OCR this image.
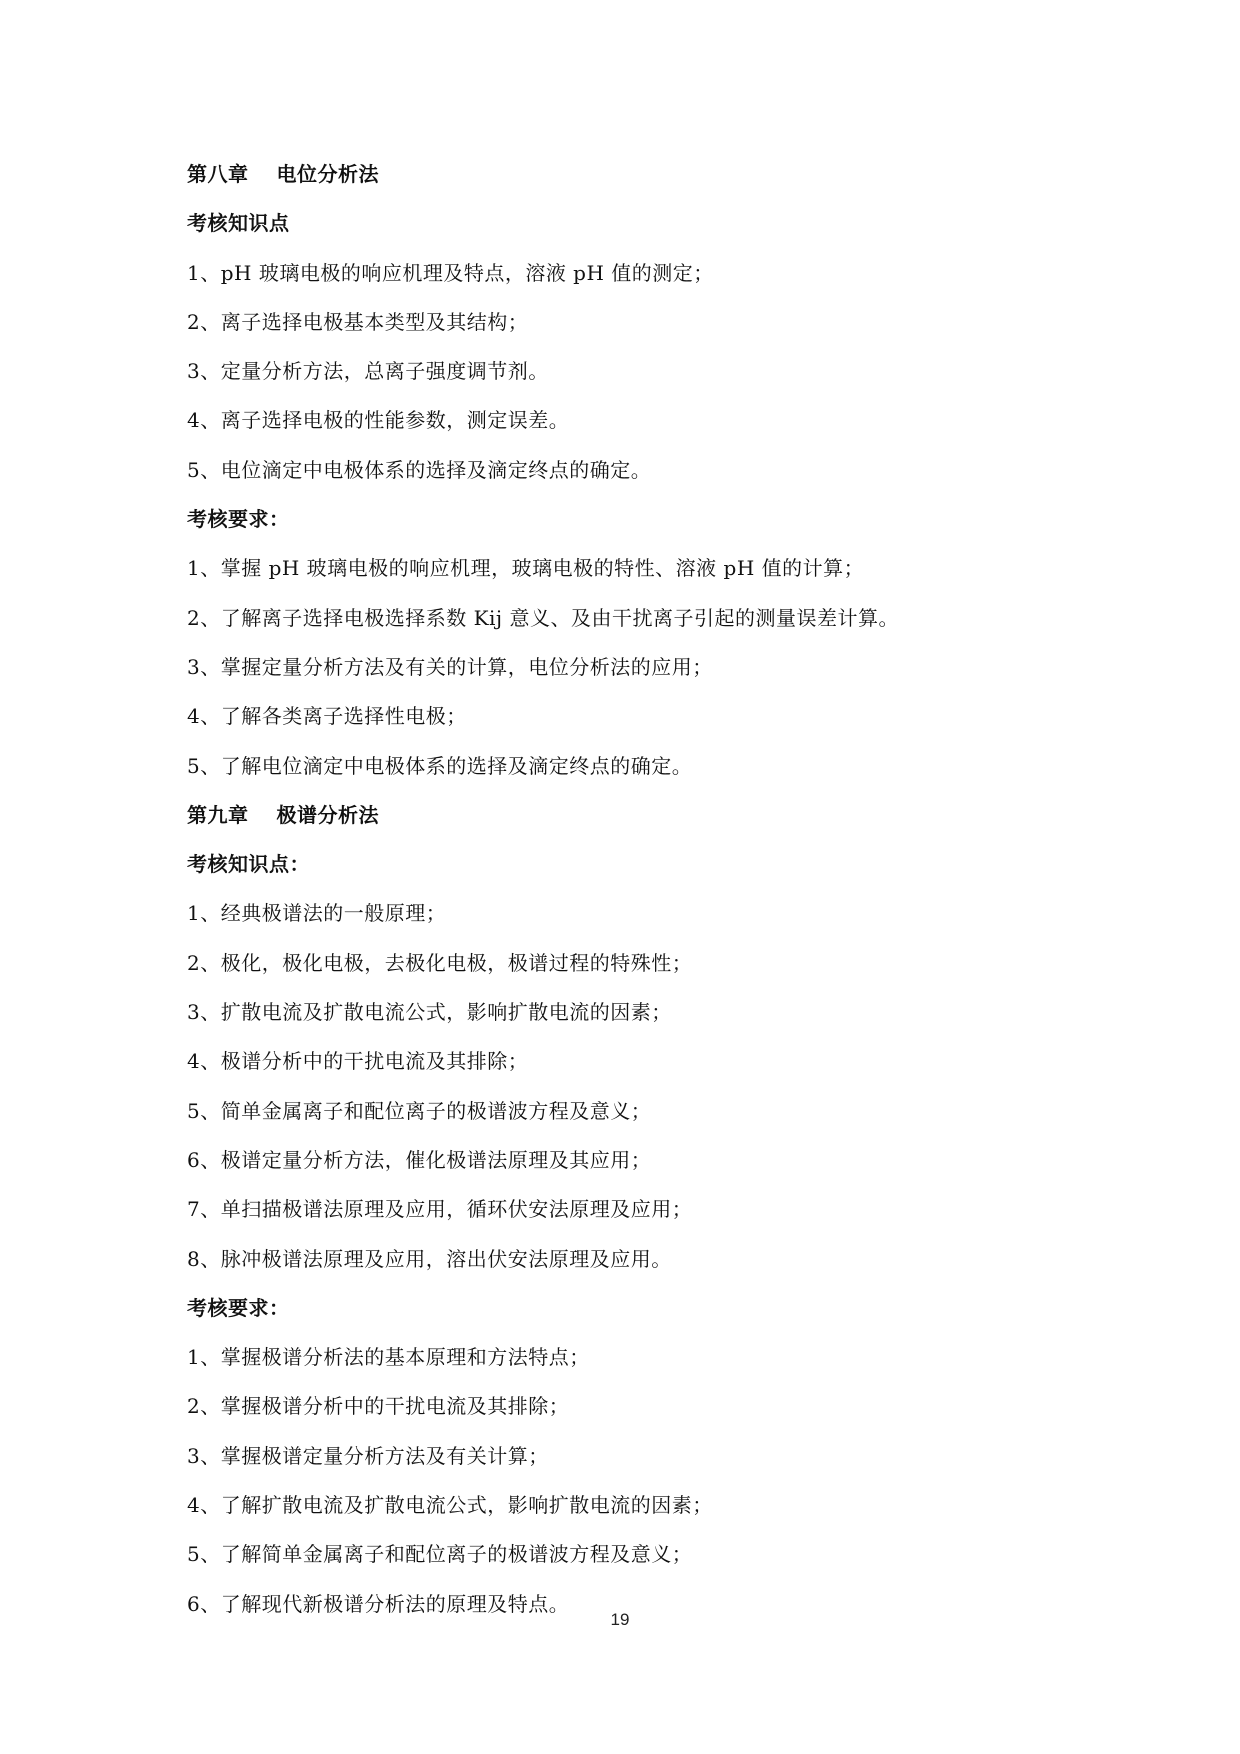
第八章 电位分析法
考核知识点
1、pH 玻璃电极的响应机理及特点，溶液 pH 值的测定；
2、离子选择电极基本类型及其结构；
3、定量分析方法，总离子强度调节剂。
4、离子选择电极的性能参数，测定误差。
5、电位滴定中电极体系的选择及滴定终点的确定。
考核要求：
1、掌握 pH 玻璃电极的响应机理，玻璃电极的特性、溶液 pH 值的计算；
2、了解离子选择电极选择系数 Kij 意义、及由干扰离子引起的测量误差计算。
3、掌握定量分析方法及有关的计算，电位分析法的应用；
4、了解各类离子选择性电极；
5、了解电位滴定中电极体系的选择及滴定终点的确定。
第九章 极谱分析法
考核知识点：
1、经典极谱法的一般原理；
2、极化，极化电极，去极化电极，极谱过程的特殊性；
3、扩散电流及扩散电流公式，影响扩散电流的因素；
4、极谱分析中的干扰电流及其排除；
5、简单金属离子和配位离子的极谱波方程及意义；
6、极谱定量分析方法，催化极谱法原理及其应用；
7、单扫描极谱法原理及应用，循环伏安法原理及应用；
8、脉冲极谱法原理及应用，溶出伏安法原理及应用。
考核要求：
1、掌握极谱分析法的基本原理和方法特点；
2、掌握极谱分析中的干扰电流及其排除；
3、掌握极谱定量分析方法及有关计算；
4、了解扩散电流及扩散电流公式，影响扩散电流的因素；
5、了解简单金属离子和配位离子的极谱波方程及意义；
6、了解现代新极谱分析法的原理及特点。
19
